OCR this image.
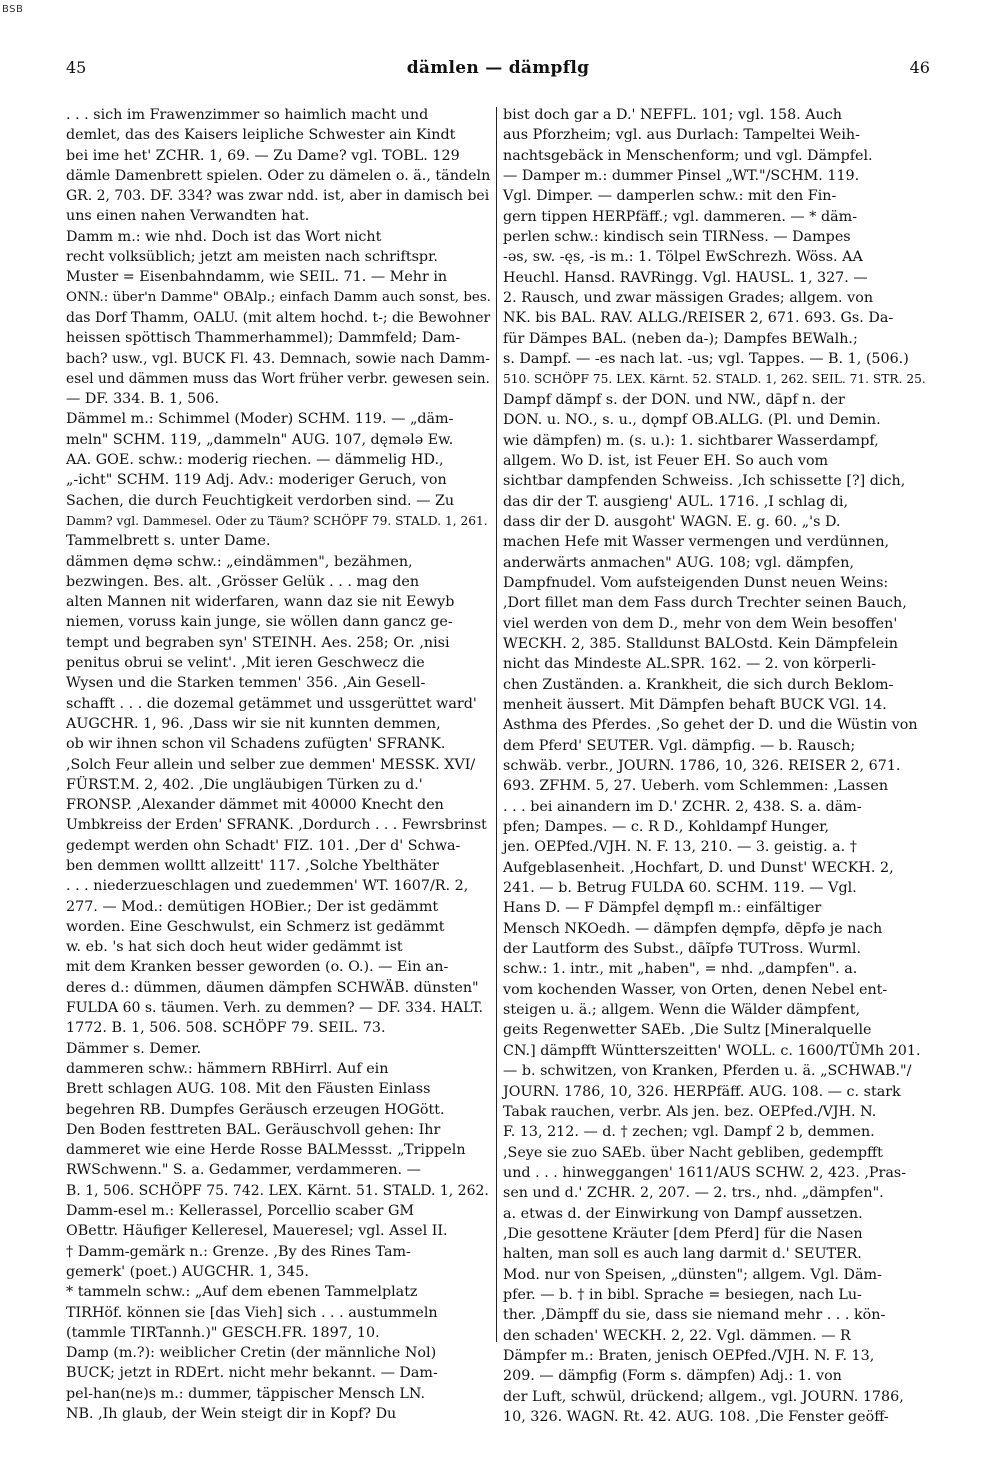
BSB
45	dämlen — dämpflg	46
. . . sich im Frawenzimmer so haimlich macht und
demlet, das des Kaisers leipliche Schwester ain Kindt
bei ime het' ZCHR. 1, 69. — Zu Dame? vgl. TOBL. 129
dämle Damenbrett spielen. Oder zu dämelen o. ä., tändeln
GR. 2, 703. DF. 334? was zwar ndd. ist, aber in damisch bei
uns einen nahen Verwandten hat.
Damm m.: wie nhd. Doch ist das Wort nicht
recht volksüblich; jetzt am meisten nach schriftspr.
Muster = Eisenbahndamm, wie SEIL. 71. — Mehr in
ONN.: über'n Damme" OBAlp.; einfach Damm auch sonst, bes.
das Dorf Thamm, OALU. (mit altem hochd. t-; die Bewohner
heissen spöttisch Thammerhammel); Dammfeld; Dam-
bach? usw., vgl. BUCK Fl. 43. Demnach, sowie nach Damm-
esel und dämmen muss das Wort früher verbr. gewesen sein.
— DF. 334. B. 1, 506.
Dämmel m.: Schimmel (Moder) SCHM. 119. — „däm-
meln" SCHM. 119, „dammeln" AUG. 107, dęmələ Ew.
AA. GOE. schw.: moderig riechen. — dämmelig HD.,
„-icht" SCHM. 119 Adj. Adv.: moderiger Geruch, von
Sachen, die durch Feuchtigkeit verdorben sind. — Zu
Damm? vgl. Dammesel. Oder zu Täum? SCHÖPF 79. STALD. 1, 261.
Tammelbrett s. unter Dame.
dämmen dęmə schw.: „eindämmen", bezähmen,
bezwingen. Bes. alt. ,Grösser Gelük . . . mag den
alten Mannen nit widerfaren, wann daz sie nit Eewyb
niemen, voruss kain junge, sie wöllen dann gancz ge-
tempt und begraben syn' STEINH. Aes. 258; Or. ,nisi
penitus obrui se velint'. ,Mit ieren Geschwecz die
Wysen und die Starken temmen' 356. ,Ain Gesell-
schafft . . . die dozemal getämmet und ussgerüttet ward'
AUGCHR. 1, 96. ,Dass wir sie nit kunnten demmen,
ob wir ihnen schon vil Schadens zufügten' SFRANK.
,Solch Feur allein und selber zue demmen' MESSK. XVI/
FÜRST.M. 2, 402. ,Die ungläubigen Türken zu d.'
FRONSP. ,Alexander dämmet mit 40000 Knecht den
Umbkreiss der Erden' SFRANK. ,Dordurch . . . Fewrsbrinst
gedempt werden ohn Schadt' FIZ. 101. ,Der d' Schwa-
ben demmen wolltt allzeitt' 117. ,Solche Ybelthäter
. . . niederzueschlagen und zuedemmen' WT. 1607/R. 2,
277. — Mod.: demütigen HOBier.; Der ist gedämmt
worden. Eine Geschwulst, ein Schmerz ist gedämmt
w. eb. 's hat sich doch heut wider gedämmt ist
mit dem Kranken besser geworden (o. O.). — Ein an-
deres d.: dümmen, däumen dämpfen SCHWÄB. dünsten"
FULDA 60 s. täumen. Verh. zu demmen? — DF. 334. HALT.
1772. B. 1, 506. 508. SCHÖPF 79. SEIL. 73.
Dämmer s. Demer.
dammeren schw.: hämmern RBHirrl. Auf ein
Brett schlagen AUG. 108. Mit den Fäusten Einlass
begehren RB. Dumpfes Geräusch erzeugen HOGött.
Den Boden festtreten BAL. Geräuschvoll gehen: Ihr
dammeret wie eine Herde Rosse BALMessst. „Trippeln
RWSchwenn." S. a. Gedammer, verdammeren. —
B. 1, 506. SCHÖPF 75. 742. LEX. Kärnt. 51. STALD. 1, 262.
Damm-esel m.: Kellerassel, Porcellio scaber GM
OBettr. Häufiger Kelleresel, Maueresel; vgl. Assel II.
† Damm-gemärk n.: Grenze. ,By des Rines Tam-
gemerk' (poet.) AUGCHR. 1, 345.
* tammeln schw.: „Auf dem ebenen Tammelplatz
TIRHöf. können sie [das Vieh] sich . . . austummeln
(tammle TIRTannh.)" GESCH.FR. 1897, 10.
Damp (m.?): weiblicher Cretin (der männliche Nol)
BUCK; jetzt in RDErt. nicht mehr bekannt. — Dam-
pel-han(ne)s m.: dummer, täppischer Mensch LN.
NB. ,Ih glaub, der Wein steigt dir in Kopf? Du
bist doch gar a D.' NEFFL. 101; vgl. 158. Auch
aus Pforzheim; vgl. aus Durlach: Tampeltei Weih-
nachtsgebäck in Menschenform; und vgl. Dämpfel.
— Damper m.: dummer Pinsel „WT."/SCHM. 119.
Vgl. Dimper. — damperlen schw.: mit den Fin-
gern tippen HERPfäff.; vgl. dammeren. — * däm-
perlen schw.: kindisch sein TIRNess. — Dampes
-əs, sw. -ęs, -is m.: 1. Tölpel EwSchrezh. Wöss. AA
Heuchl. Hansd. RAVRingg. Vgl. HAUSL. 1, 327. —
2. Rausch, und zwar mässigen Grades; allgem. von
NK. bis BAL. RAV. ALLG./REISER 2, 671. 693. Gs. Da-
für Dämpes BAL. (neben da-); Dampfes BEWalh.;
s. Dampf. — -es nach lat. -us; vgl. Tappes. — B. 1, (506.)
510. SCHÖPF 75. LEX. Kärnt. 52. STALD. 1, 262. SEIL. 71. STR. 25.
Dampf dămpf s. der DON. und NW., dāpf n. der
DON. u. NO., s. u., dǫmpf OB.ALLG. (Pl. und Demin.
wie dämpfen) m. (s. u.): 1. sichtbarer Wasserdampf,
allgem. Wo D. ist, ist Feuer EH. So auch vom
sichtbar dampfenden Schweiss. ,Ich schissette [?] dich,
das dir der T. ausgieng' AUL. 1716. ,I schlag di,
dass dir der D. ausgoht' WAGN. E. g. 60. „'s D.
machen Hefe mit Wasser vermengen und verdünnen,
anderwärts anmachen" AUG. 108; vgl. dämpfen,
Dampfnudel. Vom aufsteigenden Dunst neuen Weins:
,Dort fillet man dem Fass durch Trechter seinen Bauch,
viel werden von dem D., mehr von dem Wein besoffen'
WECKH. 2, 385. Stalldunst BALOstd. Kein Dämpfelein
nicht das Mindeste AL.SPR. 162. — 2. von körperli-
chen Zuständen. a. Krankheit, die sich durch Beklom-
menheit äussert. Mit Dämpfen behaft BUCK VGl. 14.
Asthma des Pferdes. ,So gehet der D. und die Wüstin von
dem Pferd' SEUTER. Vgl. dämpfig. — b. Rausch;
schwäb. verbr., JOURN. 1786, 10, 326. REISER 2, 671.
693. ZFHM. 5, 27. Ueberh. vom Schlemmen: ,Lassen
. . . bei ainandern im D.' ZCHR. 2, 438. S. a. däm-
pfen; Dampes. — c. R D., Kohldampf Hunger,
jen. OEPfed./VJH. N. F. 13, 210. — 3. geistig. a. †
Aufgeblasenheit. ,Hochfart, D. und Dunst' WECKH. 2,
241. — b. Betrug FULDA 60. SCHM. 119. — Vgl.
Hans D. — F Dämpfel dęmpfl m.: einfältiger
Mensch NKOedh. — dämpfen dęmpfə, dēpfə je nach
der Lautform des Subst., dāĩpfə TUTross. Wurml.
schw.: 1. intr., mit „haben", = nhd. „dampfen". a.
vom kochenden Wasser, von Orten, denen Nebel ent-
steigen u. ä.; allgem. Wenn die Wälder dämpfent,
geits Regenwetter SAEb. ,Die Sultz [Mineralquelle
CN.] dämpfft Wüntterszeitten' WOLL. c. 1600/TÜMh 201.
— b. schwitzen, von Kranken, Pferden u. ä. „SCHWAB."/
JOURN. 1786, 10, 326. HERPfäff. AUG. 108. — c. stark
Tabak rauchen, verbr. Als jen. bez. OEPfed./VJH. N.
F. 13, 212. — d. † zechen; vgl. Dampf 2 b, demmen.
,Seye sie zuo SAEb. über Nacht gebliben, gedempfft
und . . . hinweggangen' 1611/AUS SCHW. 2, 423. ,Pras-
sen und d.' ZCHR. 2, 207. — 2. trs., nhd. „dämpfen".
a. etwas d. der Einwirkung von Dampf aussetzen.
,Die gesottene Kräuter [dem Pferd] für die Nasen
halten, man soll es auch lang darmit d.' SEUTER.
Mod. nur von Speisen, „dünsten"; allgem. Vgl. Däm-
pfer. — b. † in bibl. Sprache = besiegen, nach Lu-
ther. ,Dämpff du sie, dass sie niemand mehr . . . kön-
den schaden' WECKH. 2, 22. Vgl. dämmen. — R
Dämpfer m.: Braten, jenisch OEPfed./VJH. N. F. 13,
209. — dämpfig (Form s. dämpfen) Adj.: 1. von
der Luft, schwül, drückend; allgem., vgl. JOURN. 1786,
10, 326. WAGN. Rt. 42. AUG. 108. ,Die Fenster geöff-
